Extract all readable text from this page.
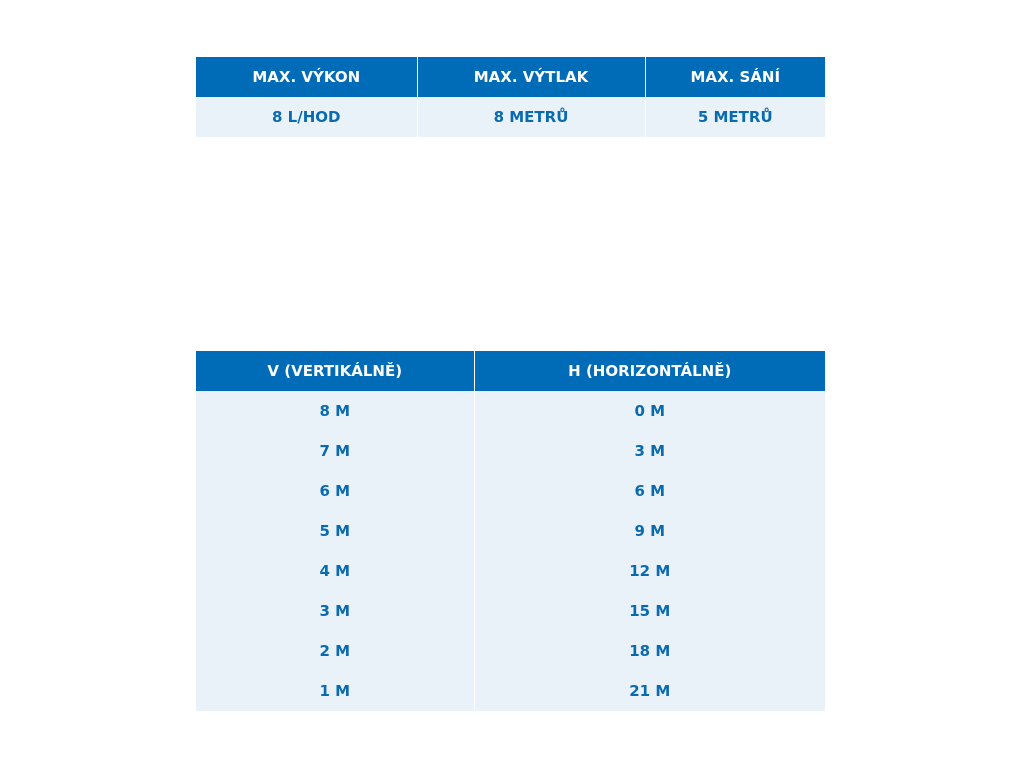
MAX. VÝKON	MAX. VÝTLAK	MAX. SÁNÍ
8 L/HOD	8 METRŮ	5 METRŮ
V (VERTIKÁLNĚ)	H (HORIZONTÁLNĚ)
8 M	0 M
7 M	3 M
6 M	6 M
5 M	9 M
4 M	12 M
3 M	15 M
2 M	18 M
1 M	21 M
